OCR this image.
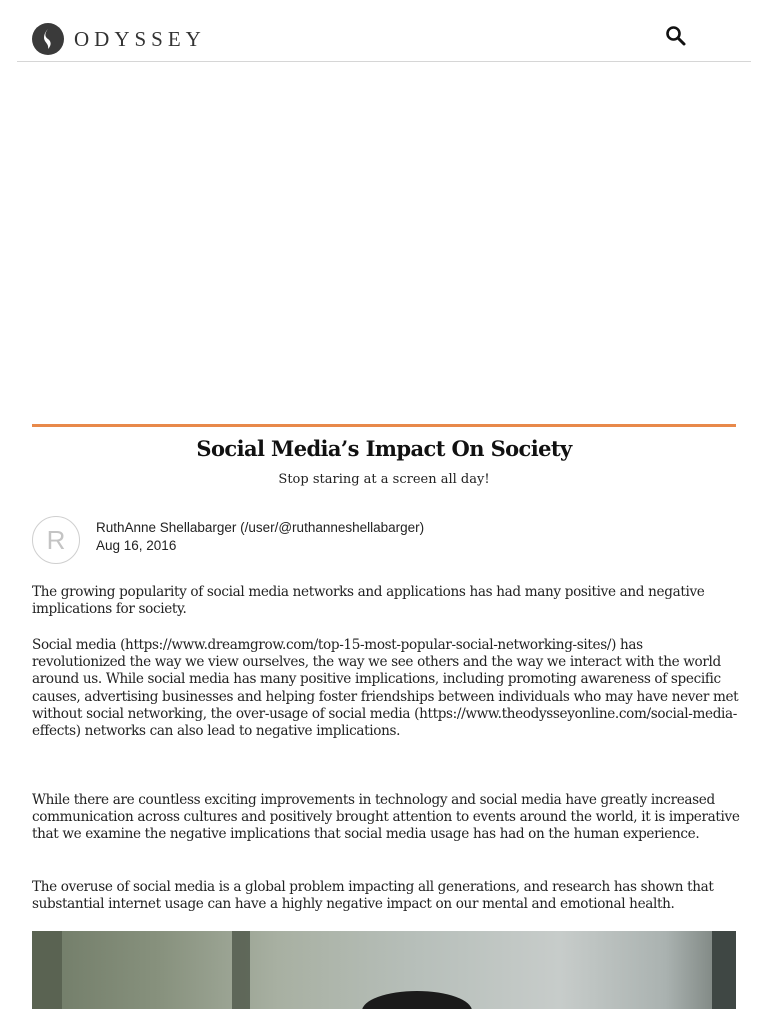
ODYSSEY
Social Media’s Impact On Society
Stop staring at a screen all day!
R	RuthAnne Shellabarger (/user/@ruthanneshellabarger)
Aug 16, 2016

The growing popularity of social media networks and applications has had many positive and negative implications for society.

Social media (https://www.dreamgrow.com/top-15-most-popular-social-networking-sites/) has revolutionized the way we view ourselves, the way we see others and the way we interact with the world around us. While social media has many positive implications, including promoting awareness of specific causes, advertising businesses and helping foster friendships between individuals who may have never met without social networking, the over-usage of social media (https://www.theodysseyonline.com/social-media-effects) networks can also lead to negative implications.

While there are countless exciting improvements in technology and social media have greatly increased communication across cultures and positively brought attention to events around the world, it is imperative that we examine the negative implications that social media usage has had on the human experience.

The overuse of social media is a global problem impacting all generations, and research has shown that substantial internet usage can have a highly negative impact on our mental and emotional health.
